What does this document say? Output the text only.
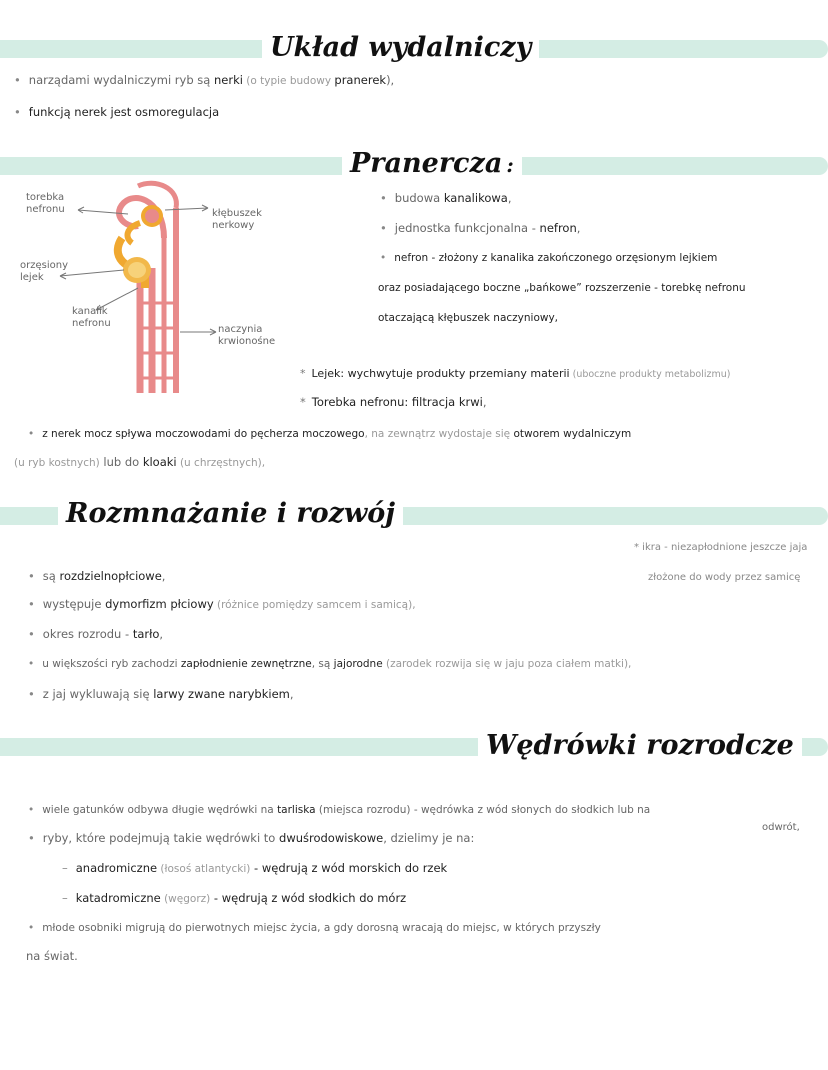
Układ wydalniczy
• narządami wydalniczymi ryb są nerki (o typie budowy pranerek),
• funkcją nerek jest osmoregulacja
Pranercza :
torebka
nefronu
orzęsiony
lejek
kanalik
nefronu
kłębuszek
nerkowy
naczynia
krwionośne
• budowa kanalikowa,
• jednostka funkcjonalna - nefron,
• nefron - złożony z kanalika zakończonego orzęsionym lejkiem
oraz posiadającego boczne „bańkowe” rozszerzenie - torebkę nefronu
otaczającą kłębuszek naczyniowy,
* Lejek: wychwytuje produkty przemiany materii (uboczne produkty metabolizmu)
* Torebka nefronu: filtracja krwi,
• z nerek mocz spływa moczowodami do pęcherza moczowego, na zewnątrz wydostaje się otworem wydalniczym
(u ryb kostnych) lub do kloaki (u chrzęstnych),
Rozmnażanie i rozwój
* ikra - niezapłodnione jeszcze jaja
złożone do wody przez samicę
• są rozdzielnopłciowe,
• występuje dymorfizm płciowy (różnice pomiędzy samcem i samicą),
• okres rozrodu - tarło,
• u większości ryb zachodzi zapłodnienie zewnętrzne, są jajorodne (zarodek rozwija się w jaju poza ciałem matki),
• z jaj wykluwają się larwy zwane narybkiem,
Wędrówki rozrodcze
• wiele gatunków odbywa długie wędrówki na tarliska (miejsca rozrodu) - wędrówka z wód słonych do słodkich lub na
odwrót,
• ryby, które podejmują takie wędrówki to dwuśrodowiskowe, dzielimy je na:
– anadromiczne (łosoś atlantycki) - wędrują z wód morskich do rzek
– katadromiczne (węgorz) - wędrują z wód słodkich do mórz
• młode osobniki migrują do pierwotnych miejsc życia, a gdy dorosną wracają do miejsc, w których przyszły
na świat.
